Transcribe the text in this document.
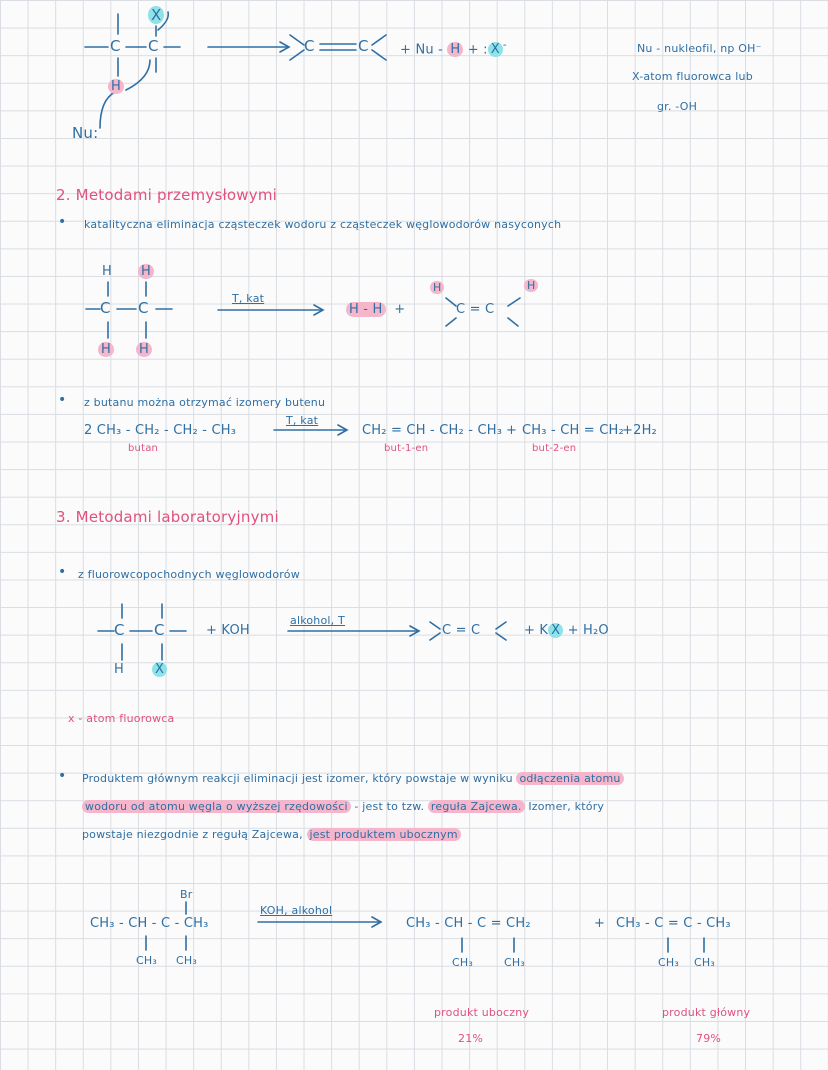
X
C C
H
Nu:
C	C + Nu - H + : X -	Nu - nukleofil, np OH⁻
X-atom fluorowca lub
gr. -OH
2. Metodami przemysłowymi
• katalityczna eliminacja cząsteczek wodoru z cząsteczek węglowodorów nasyconych
H H
C C
H H
T, kat
H - H +
H	H
C = C
• z butanu można otrzymać izomery butenu
2 CH₃ - CH₂ - CH₂ - CH₃
T, kat
CH₂ = CH - CH₂ - CH₃ + CH₃ - CH = CH₂
+2H₂
butan	but-1-en	but-2-en
3. Metodami laboratoryjnymi
• z fluorowcopochodnych węglowodorów
C C
H X
+ KOH
alkohol, T
C = C	+ K X + H₂O
x - atom fluorowca
• Produktem głównym reakcji eliminacji jest izomer, który powstaje w wyniku odłączenia atomu
wodoru od atomu węgla o wyższej rzędowości - jest to tzw. reguła Zajcewa. Izomer, który
powstaje niezgodnie z regułą Zajcewa, jest produktem ubocznym
Br
CH₃ - CH - C - CH₃
CH₃ CH₃
KOH, alkohol
CH₃ - CH - C = CH₂
CH₃	CH₃
+ CH₃ - C = C - CH₃
CH₃ CH₃
produkt uboczny
21%
produkt główny
79%
